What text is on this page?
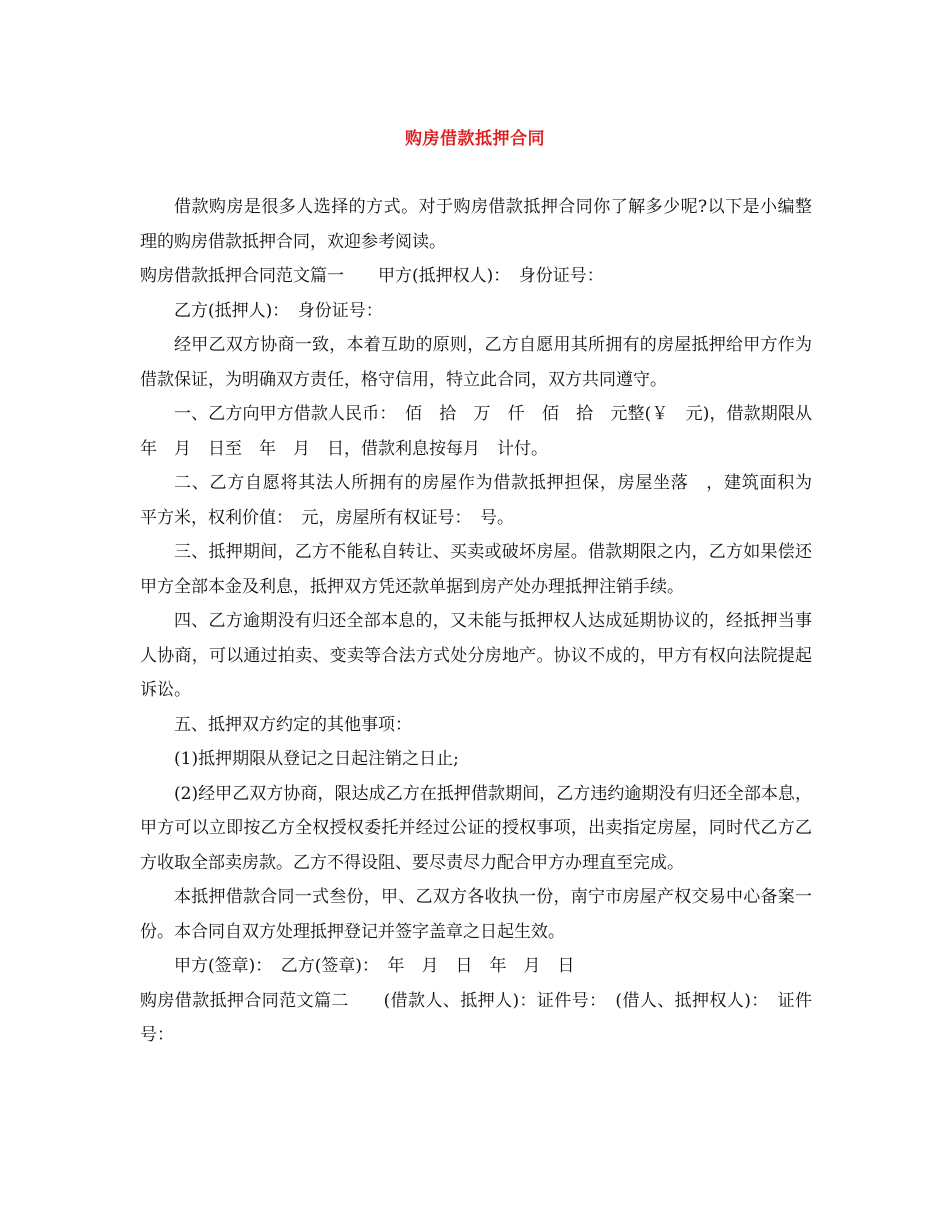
购房借款抵押合同

借款购房是很多人选择的方式。对于购房借款抵押合同你了解多少呢?以下是小编整理的购房借款抵押合同，欢迎参考阅读。

购房借款抵押合同范文篇一　　甲方(抵押权人)：　身份证号：

乙方(抵押人)：　身份证号：

经甲乙双方协商一致，本着互助的原则，乙方自愿用其所拥有的房屋抵押给甲方作为借款保证，为明确双方责任，格守信用，特立此合同，双方共同遵守。

一、乙方向甲方借款人民币：　佰　拾　万　仟　佰　拾　元整(￥　元)，借款期限从　年　月　日至　年　月　日，借款利息按每月　计付。

二、乙方自愿将其法人所拥有的房屋作为借款抵押担保，房屋坐落　，建筑面积为　平方米，权利价值：　元，房屋所有权证号：　号。

三、抵押期间，乙方不能私自转让、买卖或破坏房屋。借款期限之内，乙方如果偿还甲方全部本金及利息，抵押双方凭还款单据到房产处办理抵押注销手续。

四、乙方逾期没有归还全部本息的，又未能与抵押权人达成延期协议的，经抵押当事人协商，可以通过拍卖、变卖等合法方式处分房地产。协议不成的，甲方有权向法院提起诉讼。

五、抵押双方约定的其他事项：

(1)抵押期限从登记之日起注销之日止;

(2)经甲乙双方协商，限达成乙方在抵押借款期间，乙方违约逾期没有归还全部本息，甲方可以立即按乙方全权授权委托并经过公证的授权事项，出卖指定房屋，同时代乙方乙方收取全部卖房款。乙方不得设阻、要尽责尽力配合甲方办理直至完成。

本抵押借款合同一式叁份，甲、乙双方各收执一份，南宁市房屋产权交易中心备案一份。本合同自双方处理抵押登记并签字盖章之日起生效。

甲方(签章)：　乙方(签章)：　年　月　日　年　月　日

购房借款抵押合同范文篇二　　(借款人、抵押人)：证件号：　(借人、抵押权人)：　证件号：
